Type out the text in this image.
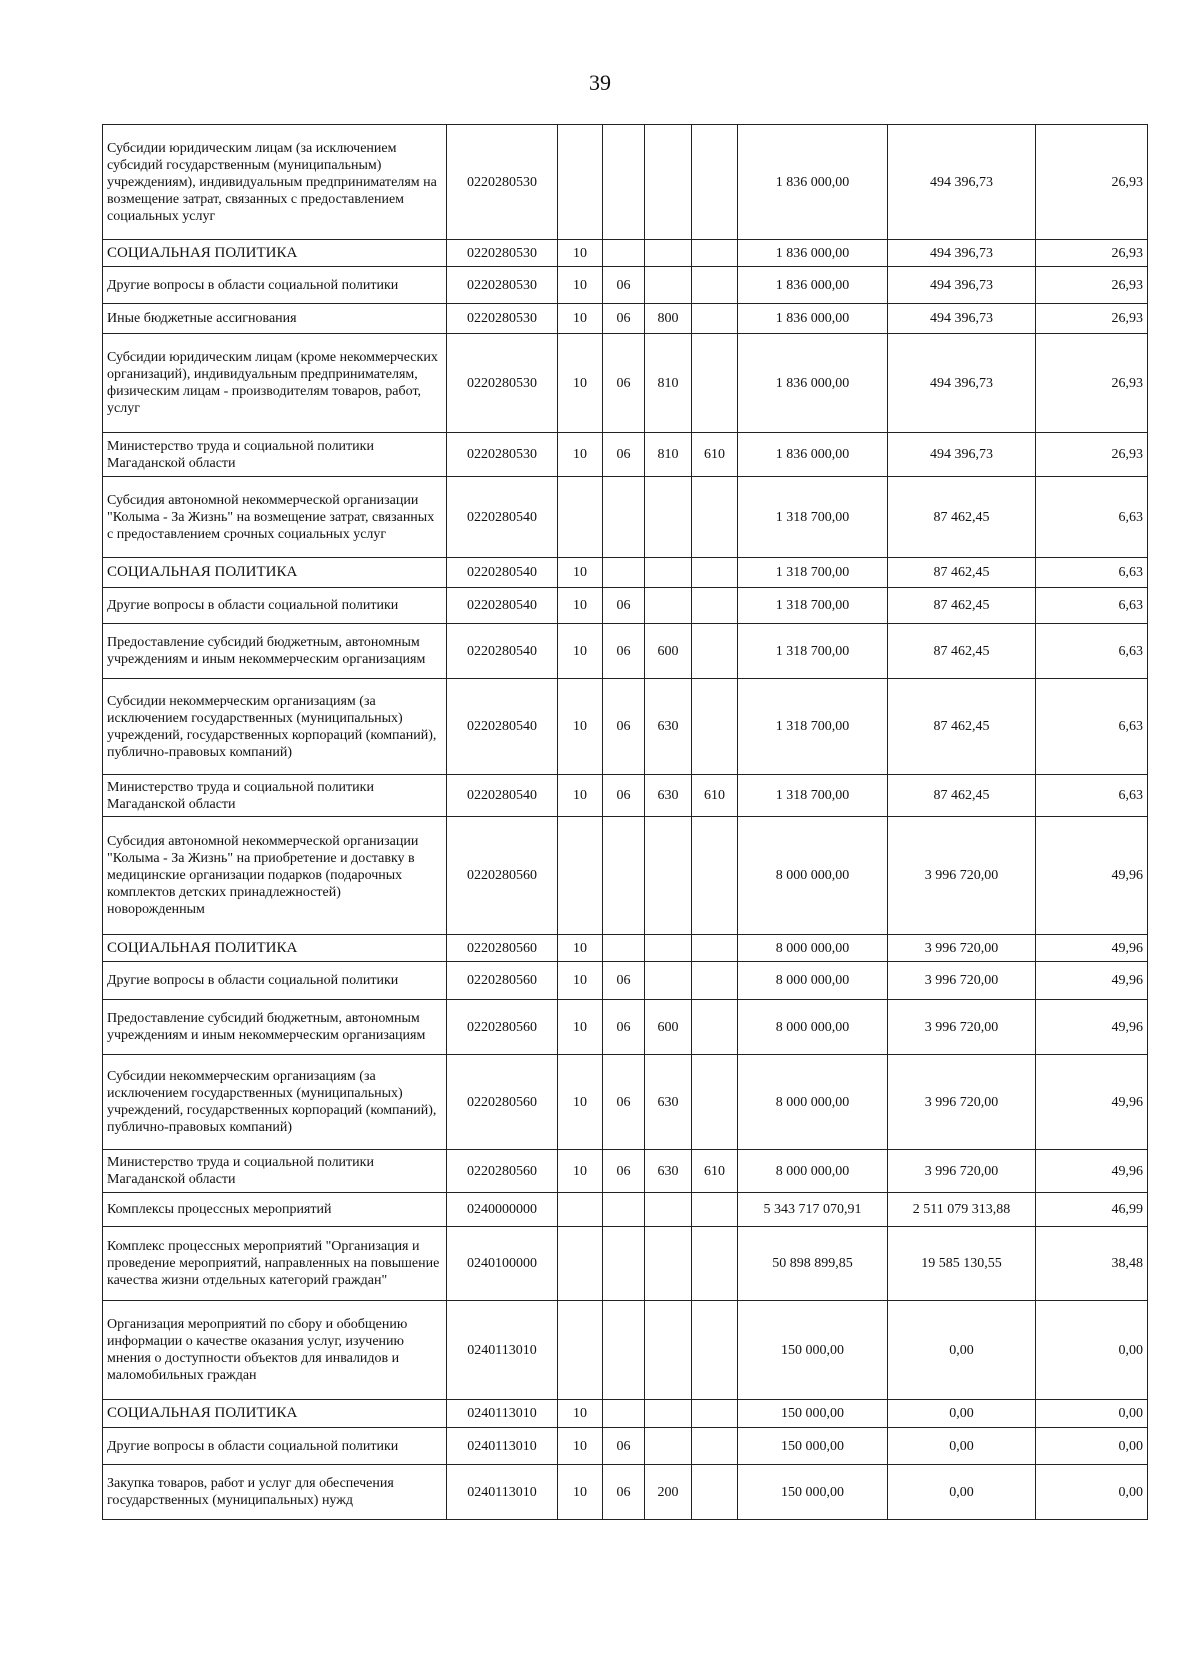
39
Субсидии юридическим лицам (за исключением субсидий государственным (муниципальным) учреждениям), индивидуальным предпринимателям на возмещение затрат, связанных с предоставлением социальных услуг	0220280530					1 836 000,00	494 396,73	26,93
СОЦИАЛЬНАЯ ПОЛИТИКА	0220280530	10				1 836 000,00	494 396,73	26,93
Другие вопросы в области социальной политики	0220280530	10	06			1 836 000,00	494 396,73	26,93
Иные бюджетные ассигнования	0220280530	10	06	800		1 836 000,00	494 396,73	26,93
Субсидии юридическим лицам (кроме некоммерческих организаций), индивидуальным предпринимателям, физическим лицам - производителям товаров, работ, услуг	0220280530	10	06	810		1 836 000,00	494 396,73	26,93
Министерство труда и социальной политики Магаданской области	0220280530	10	06	810	610	1 836 000,00	494 396,73	26,93
Субсидия автономной некоммерческой организации "Колыма - За Жизнь" на возмещение затрат, связанных с предоставлением срочных социальных услуг	0220280540					1 318 700,00	87 462,45	6,63
СОЦИАЛЬНАЯ ПОЛИТИКА	0220280540	10				1 318 700,00	87 462,45	6,63
Другие вопросы в области социальной политики	0220280540	10	06			1 318 700,00	87 462,45	6,63
Предоставление субсидий бюджетным, автономным учреждениям и иным некоммерческим организациям	0220280540	10	06	600		1 318 700,00	87 462,45	6,63
Субсидии некоммерческим организациям (за исключением государственных (муниципальных) учреждений, государственных корпораций (компаний), публично-правовых компаний)	0220280540	10	06	630		1 318 700,00	87 462,45	6,63
Министерство труда и социальной политики Магаданской области	0220280540	10	06	630	610	1 318 700,00	87 462,45	6,63
Субсидия автономной некоммерческой организации "Колыма - За Жизнь" на приобретение и доставку в медицинские организации подарков (подарочных комплектов детских принадлежностей) новорожденным	0220280560					8 000 000,00	3 996 720,00	49,96
СОЦИАЛЬНАЯ ПОЛИТИКА	0220280560	10				8 000 000,00	3 996 720,00	49,96
Другие вопросы в области социальной политики	0220280560	10	06			8 000 000,00	3 996 720,00	49,96
Предоставление субсидий бюджетным, автономным учреждениям и иным некоммерческим организациям	0220280560	10	06	600		8 000 000,00	3 996 720,00	49,96
Субсидии некоммерческим организациям (за исключением государственных (муниципальных) учреждений, государственных корпораций (компаний), публично-правовых компаний)	0220280560	10	06	630		8 000 000,00	3 996 720,00	49,96
Министерство труда и социальной политики Магаданской области	0220280560	10	06	630	610	8 000 000,00	3 996 720,00	49,96
Комплексы процессных мероприятий	0240000000					5 343 717 070,91	2 511 079 313,88	46,99
Комплекс процессных мероприятий "Организация и проведение мероприятий, направленных на повышение качества жизни отдельных категорий граждан"	0240100000					50 898 899,85	19 585 130,55	38,48
Организация мероприятий по сбору и обобщению информации о качестве оказания услуг, изучению мнения о доступности объектов для инвалидов и маломобильных граждан	0240113010					150 000,00	0,00	0,00
СОЦИАЛЬНАЯ ПОЛИТИКА	0240113010	10				150 000,00	0,00	0,00
Другие вопросы в области социальной политики	0240113010	10	06			150 000,00	0,00	0,00
Закупка товаров, работ и услуг для обеспечения государственных (муниципальных) нужд	0240113010	10	06	200		150 000,00	0,00	0,00
